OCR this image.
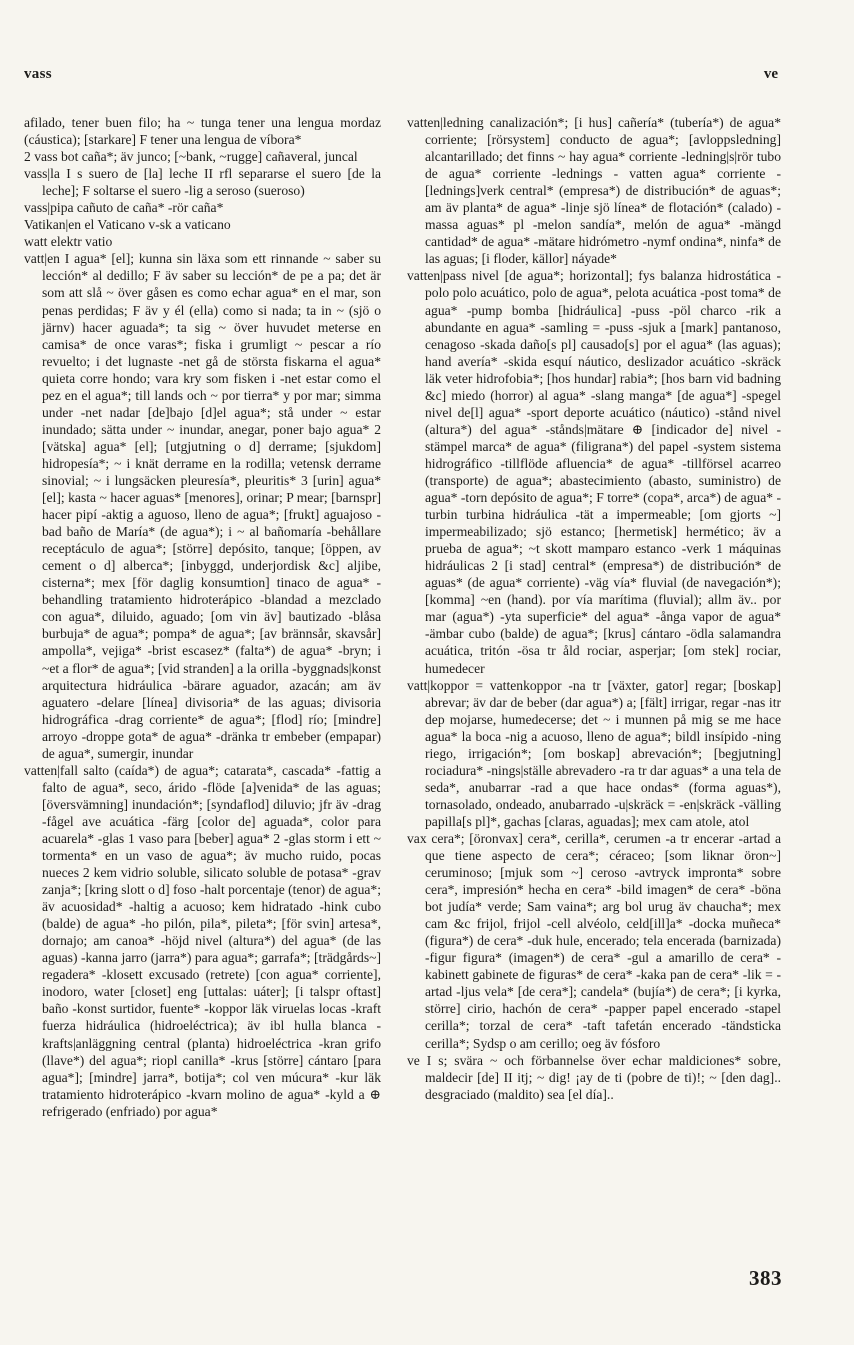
vass	ve

afilado, tener buen filo; ha ~ tunga tener una lengua mordaz (cáustica); [starkare] F tener una lengua de víbora*

2 vass bot caña*; äv junco; [~bank, ~rugge] cañaveral, juncal

vass|la I s suero de [la] leche II rfl separarse el suero [de la leche]; F soltarse el suero -lig a seroso (sueroso)

vass|pipa cañuto de caña* -rör caña*

Vatikan|en el Vaticano v-sk a vaticano

watt elektr vatio

vatt|en I agua* [el]; kunna sin läxa som ett rinnande ~ saber su lección* al dedillo; F äv saber su lección* de pe a pa; det är som att slå ~ över gåsen es como echar agua* en el mar, son penas perdidas; F äv y él (ella) como si nada; ta in ~ (sjö o järnv) hacer aguada*; ta sig ~ över huvudet meterse en camisa* de once varas*; fiska i grumligt ~ pescar a río revuelto; i det lugnaste -net gå de största fiskarna el agua* quieta corre hondo; vara kry som fisken i -net estar como el pez en el agua*; till lands och ~ por tierra* y por mar; simma under -net nadar [de]bajo [d]el agua*; stå under ~ estar inundado; sätta under ~ inundar, anegar, poner bajo agua* 2 [vätska] agua* [el]; [utgjutning o d] derrame; [sjukdom] hidropesía*; ~ i knät derrame en la rodilla; vetensk derrame sinovial; ~ i lungsäcken pleuresía*, pleuritis* 3 [urin] agua* [el]; kasta ~ hacer aguas* [menores], orinar; P mear; [barnspr] hacer pipí -aktig a aguoso, lleno de agua*; [frukt] aguajoso -bad baño de María* (de agua*); i ~ al bañomaría -behållare receptáculo de agua*; [större] depósito, tanque; [öppen, av cement o d] alberca*; [inbyggd, underjordisk &c] aljibe, cisterna*; mex [för daglig konsumtion] tinaco de agua* -behandling tratamiento hidroterápico -blandad a mezclado con agua*, diluido, aguado; [om vin äv] bautizado -blåsa burbuja* de agua*; pompa* de agua*; [av brännsår, skavsår] ampolla*, vejiga* -brist escasez* (falta*) de agua* -bryn; i ~et a flor* de agua*; [vid stranden] a la orilla -byggnads|konst arquitectura hidráulica -bärare aguador, azacán; am äv aguatero -delare [línea] divisoria* de las aguas; divisoria hidrográfica -drag corriente* de agua*; [flod] río; [mindre] arroyo -droppe gota* de agua* -dränka tr embeber (empapar) de agua*, sumergir, inundar

vatten|fall salto (caída*) de agua*; catarata*, cascada* -fattig a falto de agua*, seco, árido -flöde [a]venida* de las aguas; [översvämning] inundación*; [syndaflod] diluvio; jfr äv -drag -fågel ave acuática -färg [color de] aguada*, color para acuarela* -glas 1 vaso para [beber] agua* 2 -glas storm i ett ~ tormenta* en un vaso de agua*; äv mucho ruido, pocas nueces 2 kem vidrio soluble, silicato soluble de potasa* -grav zanja*; [kring slott o d] foso -halt porcentaje (tenor) de agua*; äv acuosidad* -haltig a acuoso; kem hidratado -hink cubo (balde) de agua* -ho pilón, pila*, pileta*; [för svin] artesa*, dornajo; am canoa* -höjd nivel (altura*) del agua* (de las aguas) -kanna jarro (jarra*) para agua*; garrafa*; [trädgårds~] regadera* -klosett excusado (retrete) [con agua* corriente], inodoro, water [closet] eng [uttalas: uáter]; [i talspr oftast] baño -konst surtidor, fuente* -koppor läk viruelas locas -kraft fuerza hidráulica (hidroeléctrica); äv ibl hulla blanca -krafts|anläggning central (planta) hidroeléctrica -kran grifo (llave*) del agua*; riopl canilla* -krus [större] cántaro [para agua*]; [mindre] jarra*, botija*; col ven múcura* -kur läk tratamiento hidroterápico -kvarn molino de agua* -kyld a ⊕ refrigerado (enfriado) por agua*

vatten|ledning canalización*; [i hus] cañería* (tubería*) de agua* corriente; [rörsystem] conducto de agua*; [avloppsledning] alcantarillado; det finns ~ hay agua* corriente -ledning|s|rör tubo de agua* corriente -lednings - vatten agua* corriente -[lednings]verk central* (empresa*) de distribución* de aguas*; am äv planta* de agua* -linje sjö línea* de flotación* (calado) -massa aguas* pl -melon sandía*, melón de agua* -mängd cantidad* de agua* -mätare hidrómetro -nymf ondina*, ninfa* de las aguas; [i floder, källor] náyade*

vatten|pass nivel [de agua*; horizontal]; fys balanza hidrostática -polo polo acuático, polo de agua*, pelota acuática -post toma* de agua* -pump bomba [hidráulica] -puss -pöl charco -rik a abundante en agua* -samling = -puss -sjuk a [mark] pantanoso, cenagoso -skada daño[s pl] causado[s] por el agua* (las aguas); hand avería* -skida esquí náutico, deslizador acuático -skräck läk veter hidrofobia*; [hos hundar] rabia*; [hos barn vid badning &c] miedo (horror) al agua* -slang manga* [de agua*] -spegel nivel de[l] agua* -sport deporte acuático (náutico) -stånd nivel (altura*) del agua* -stånds|mätare ⊕ [indicador de] nivel -stämpel marca* de agua* (filigrana*) del papel -system sistema hidrográfico -tillflöde afluencia* de agua* -tillförsel acarreo (transporte) de agua*; abastecimiento (abasto, suministro) de agua* -torn depósito de agua*; F torre* (copa*, arca*) de agua* -turbin turbina hidráulica -tät a impermeable; [om gjorts ~] impermeabilizado; sjö estanco; [hermetisk] hermético; äv a prueba de agua*; ~t skott mamparo estanco -verk 1 máquinas hidráulicas 2 [i stad] central* (empresa*) de distribución* de aguas* (de agua* corriente) -väg vía* fluvial (de navegación*); [komma] ~en (hand). por vía marítima (fluvial); allm äv.. por mar (agua*) -yta superficie* del agua* -ånga vapor de agua* -ämbar cubo (balde) de agua*; [krus] cántaro -ödla salamandra acuática, tritón -ösa tr åld rociar, asperjar; [om stek] rociar, humedecer

vatt|koppor = vattenkoppor -na tr [växter, gator] regar; [boskap] abrevar; äv dar de beber (dar agua*) a; [fält] irrigar, regar -nas itr dep mojarse, humedecerse; det ~ i munnen på mig se me hace agua* la boca -nig a acuoso, lleno de agua*; bildl insípido -ning riego, irrigación*; [om boskap] abrevación*; [begjutning] rociadura* -nings|ställe abrevadero -ra tr dar aguas* a una tela de seda*, anubarrar -rad a que hace ondas* (forma aguas*), tornasolado, ondeado, anubarrado -u|skräck = -en|skräck -välling papilla[s pl]*, gachas [claras, aguadas]; mex cam atole, atol

vax cera*; [öronvax] cera*, cerilla*, cerumen -a tr encerar -artad a que tiene aspecto de cera*; céraceo; [som liknar öron~] ceruminoso; [mjuk som ~] ceroso -avtryck impronta* sobre cera*, impresión* hecha en cera* -bild imagen* de cera* -böna bot judía* verde; Sam vaina*; arg bol urug äv chaucha*; mex cam &c frijol, frijol -cell alvéolo, celd[ill]a* -docka muñeca* (figura*) de cera* -duk hule, encerado; tela encerada (barnizada) -figur figura* (imagen*) de cera* -gul a amarillo de cera* -kabinett gabinete de figuras* de cera* -kaka pan de cera* -lik = -artad -ljus vela* [de cera*]; candela* (bujía*) de cera*; [i kyrka, större] cirio, hachón de cera* -papper papel encerado -stapel cerilla*; torzal de cera* -taft tafetán encerado -tändsticka cerilla*; Sydsp o am cerillo; oeg äv fósforo

ve I s; svära ~ och förbannelse över echar maldiciones* sobre, maldecir [de] II itj; ~ dig! ¡ay de ti (pobre de ti)!; ~ [den dag].. desgraciado (maldito) sea [el día]..

383
